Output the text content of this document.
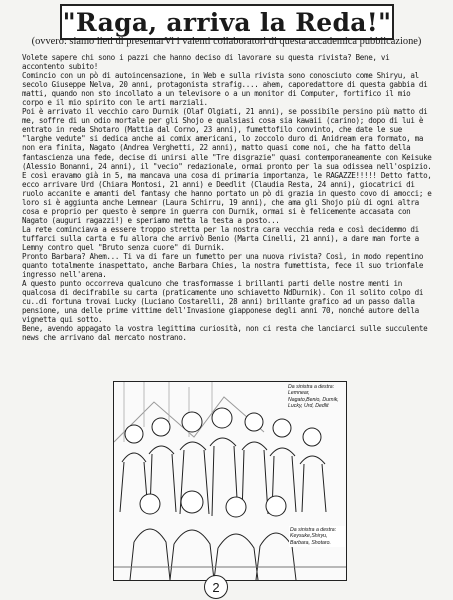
"Raga, arriva la Reda!"
(ovvero: siamo lieti di presentarVi i valenti collaboratori di questa accademica pubblicazione)

Volete sapere chi sono i pazzi che hanno deciso di lavorare su questa rivista? Bene, vi accontento subito!

Comincio con un pò di autoincensazione, in Web e sulla rivista sono conosciuto come Shiryu, al secolo Giuseppe Nelva, 20 anni, protagonista strafig.... ahem, caporedattore di questa gabbia di matti, quando non sto incollato a un televisore o a un monitor di Computer, fortifico il mio corpo e il mio spirito con le arti marziali.

Poi è arrivato il vecchio caro Durnik (Olaf Olgiati, 21 anni), se possibile persino più matto di me, soffre di un odio mortale per gli Shojo e qualsiasi cosa sia kawaii (carino); dopo di lui è entrato in reda Shotaro (Mattia dal Corno, 23 anni), fumettofilo convinto, che date le sue "larghe vedute" si dedica anche ai comix americani, lo zoccolo duro di Anidream era formato, ma non era finita, Nagato (Andrea Verghetti, 22 anni), matto quasi come noi, che ha fatto della fantascienza una fede, decise di unirsi alle "Tre disgrazie" quasi contemporaneamente con Keisuke (Alessio Bonanni, 24 anni), il "vecio" redazionale, ormai pronto per la sua odissea nell'ospizio.

E così eravamo già in 5, ma mancava una cosa di primaria importanza, le RAGAZZE!!!!! Detto fatto, ecco arrivare Urd (Chiara Montosi, 21 anni) e Deedlit (Claudia Resta, 24 anni), giocatrici di ruolo accanite e amanti del fantasy che hanno portato un pò di grazia in questo covo di amocci; e loro si è aggiunta anche Lemnear (Laura Schirru, 19 anni), che ama gli Shojo più di ogni altra cosa e proprio per questo è sempre in guerra con Durnik, ormai si è felicemente accasata con Nagato (auguri ragazzi!) e speriamo metta la testa a posto...

La rete cominciava a essere troppo stretta per la nostra cara vecchia reda e così decidemmo di tuffarci sulla carta e fu allora che arrivò Benio (Marta Cinelli, 21 anni), a dare man forte a Lemny contro quel "Bruto senza cuore" di Durnik.

Pronto Barbara? Ahem... Ti va di fare un fumetto per una nuova rivista? Così, in modo repentino quanto totalmente inaspettato, anche Barbara Chies, la nostra fumettista, fece il suo trionfale ingresso nell'arena.

A questo punto occorreva qualcuno che trasformasse i brillanti parti delle nostre menti in qualcosa di decifrabile su carta (praticamente uno schiavetto NdDurnik). Con il solito colpo di cu..di fortuna trovai Lucky (Luciano Costarelli, 28 anni) brillante grafico ad un passo dalla pensione, una delle prime vittime dell'Invasione giapponese degli anni 70, nonché autore della vignetta qui sotto.

Bene, avendo appagato la vostra legittima curiosità, non ci resta che lanciarci sulle succulente news che arrivano dal mercato nostrano.

Da sinistra a destra:
Lemnear, Nagato,Benio, Durnik, Lucky, Urd, Dedlit
Da sinistra a destra:
Keysuke,Shiryu, Barbara, Shotaro.
2
